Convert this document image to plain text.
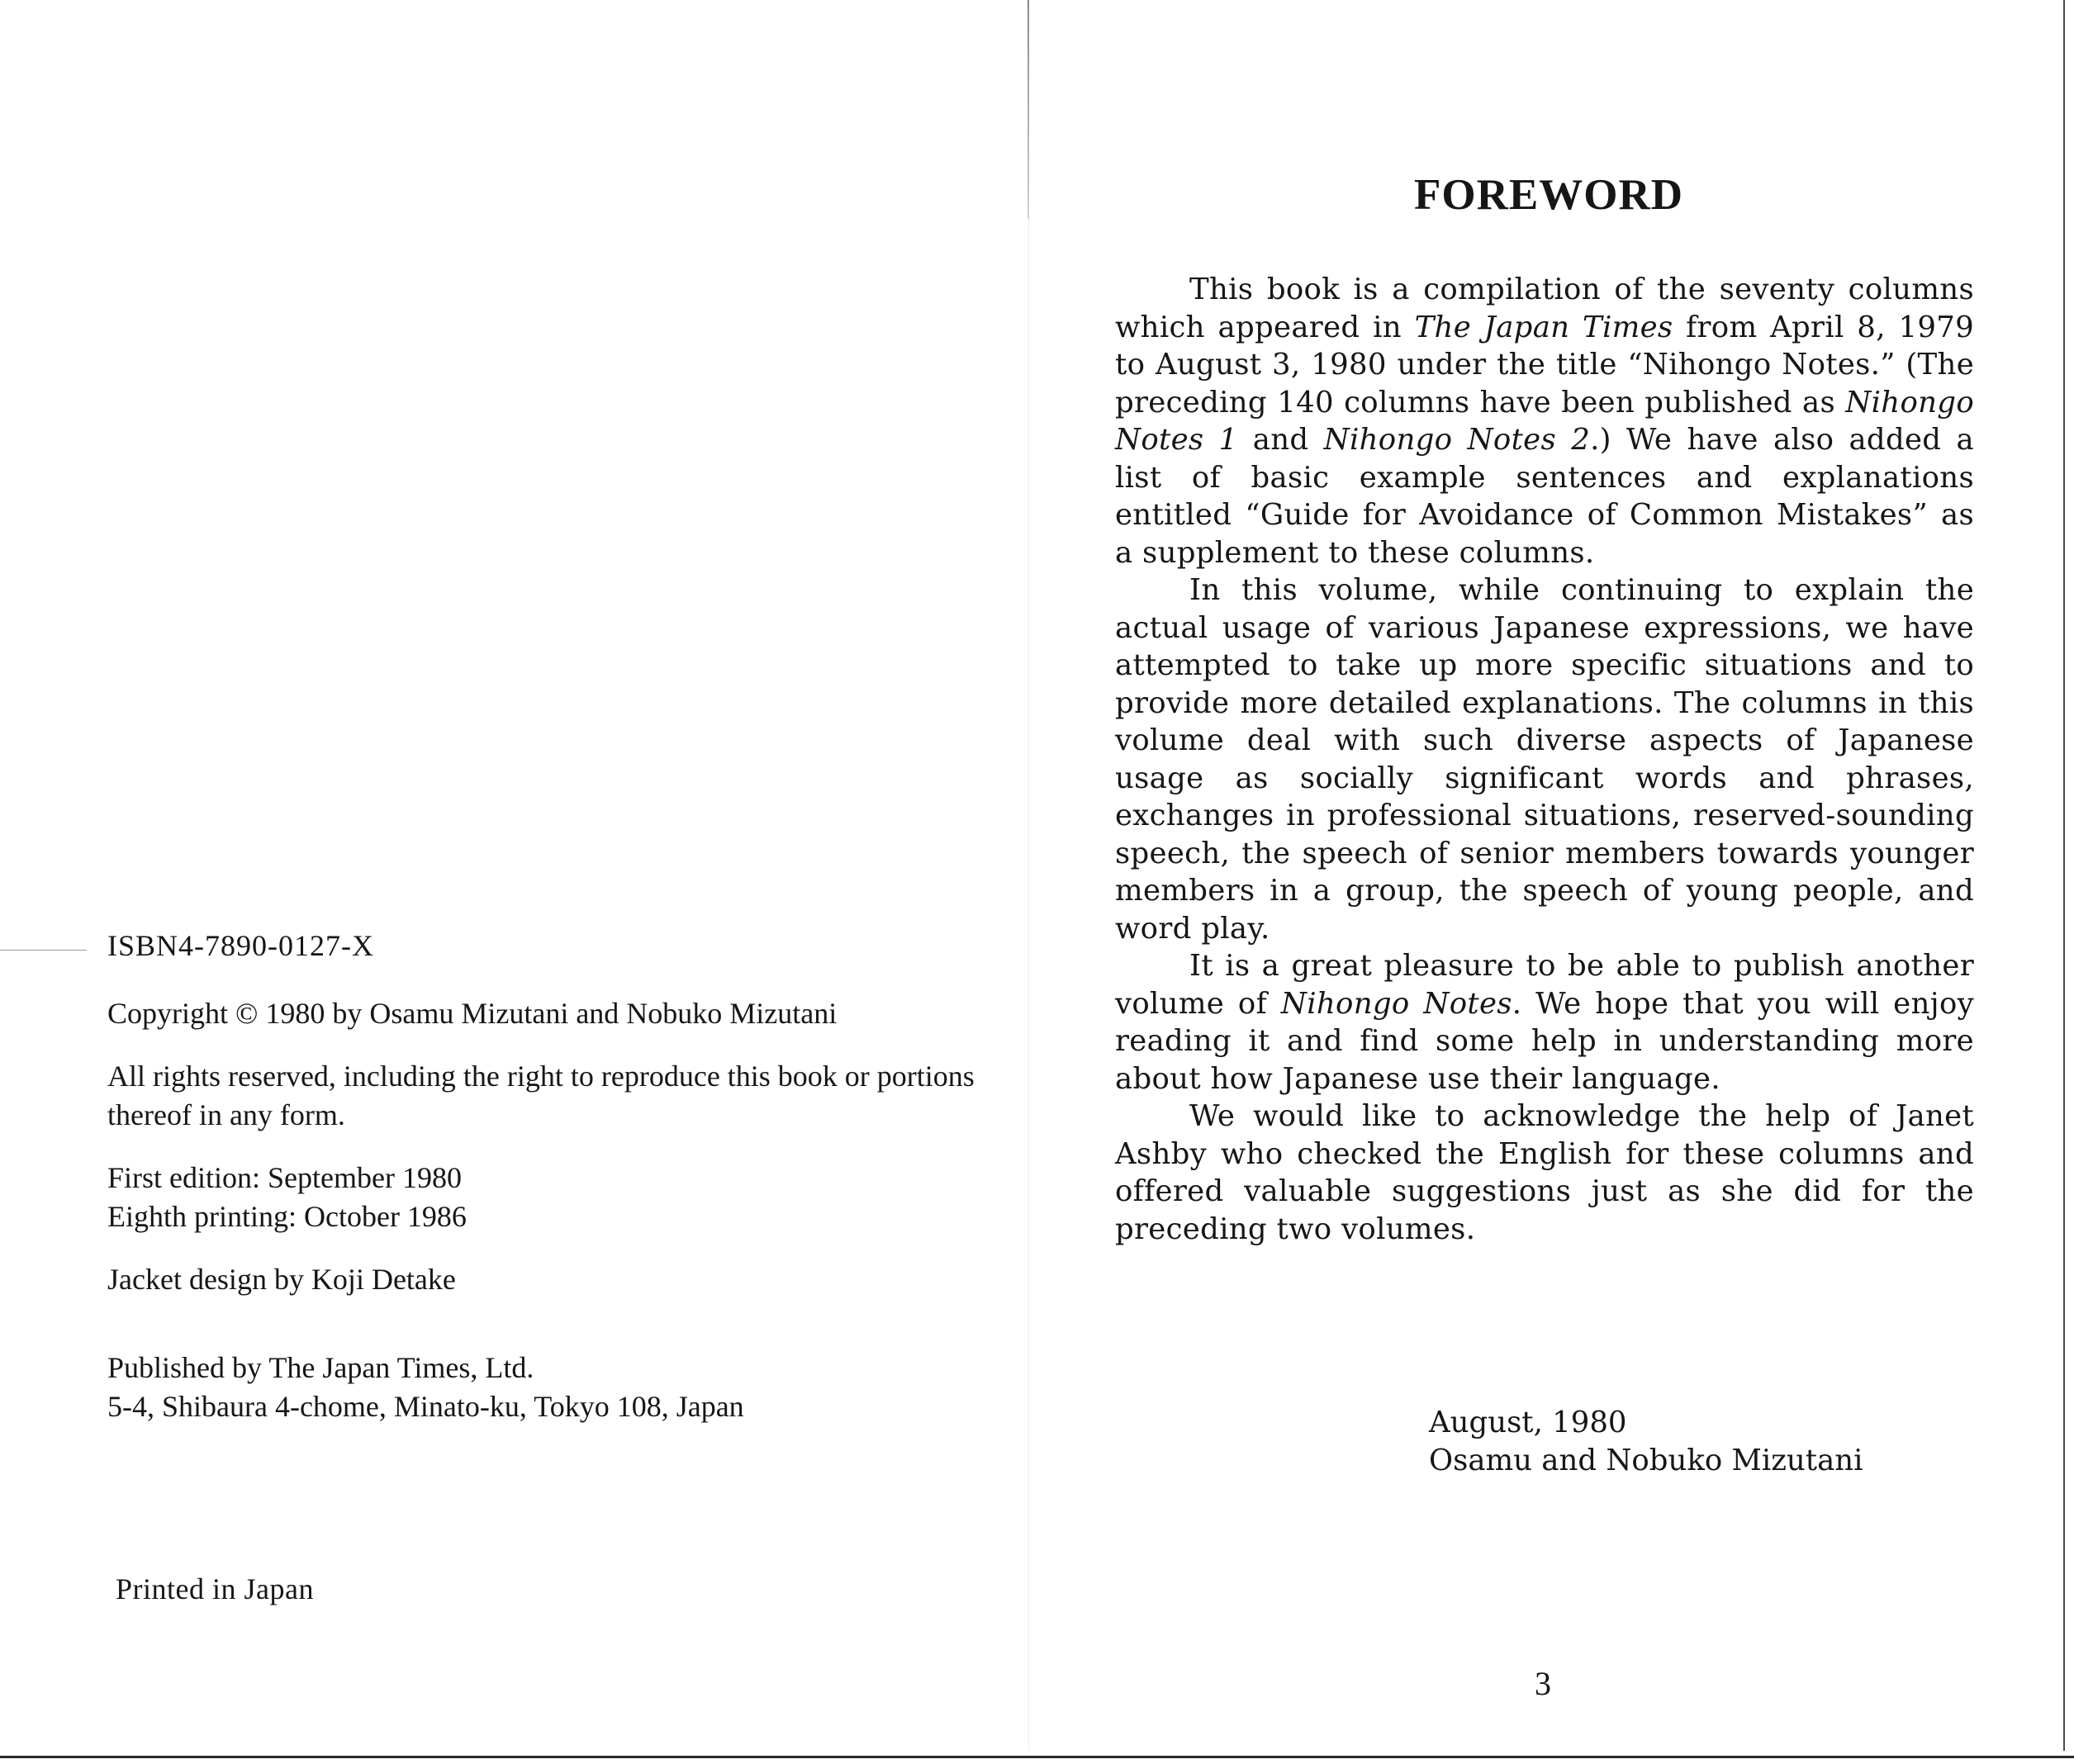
ISBN4-7890-0127-X

Copyright © 1980 by Osamu Mizutani and Nobuko Mizutani

All rights reserved, including the right to reproduce this book or portions thereof in any form.

First edition: September 1980

Eighth printing: October 1986

Jacket design by Koji Detake

Published by The Japan Times, Ltd.

5-4, Shibaura 4-chome, Minato-ku, Tokyo 108, Japan

Printed in Japan

FOREWORD

This book is a compilation of the seventy columns which appeared in The Japan Times from April 8, 1979 to August 3, 1980 under the title “Nihongo Notes.” (The preceding 140 columns have been published as Nihongo Notes 1 and Nihongo Notes 2.) We have also added a list of basic example sentences and explanations entitled “Guide for Avoidance of Common Mistakes” as a supplement to these columns.

In this volume, while continuing to explain the actual usage of various Japanese expressions, we have attempted to take up more specific situations and to provide more detailed explanations. The columns in this volume deal with such diverse aspects of Japanese usage as socially significant words and phrases, exchanges in professional situations, reserved-sounding speech, the speech of senior members towards younger members in a group, the speech of young people, and word play.

It is a great pleasure to be able to publish another volume of Nihongo Notes. We hope that you will enjoy reading it and find some help in understanding more about how Japanese use their language.

We would like to acknowledge the help of Janet Ashby who checked the English for these columns and offered valuable suggestions just as she did for the preceding two volumes.

August, 1980
Osamu and Nobuko Mizutani

3
